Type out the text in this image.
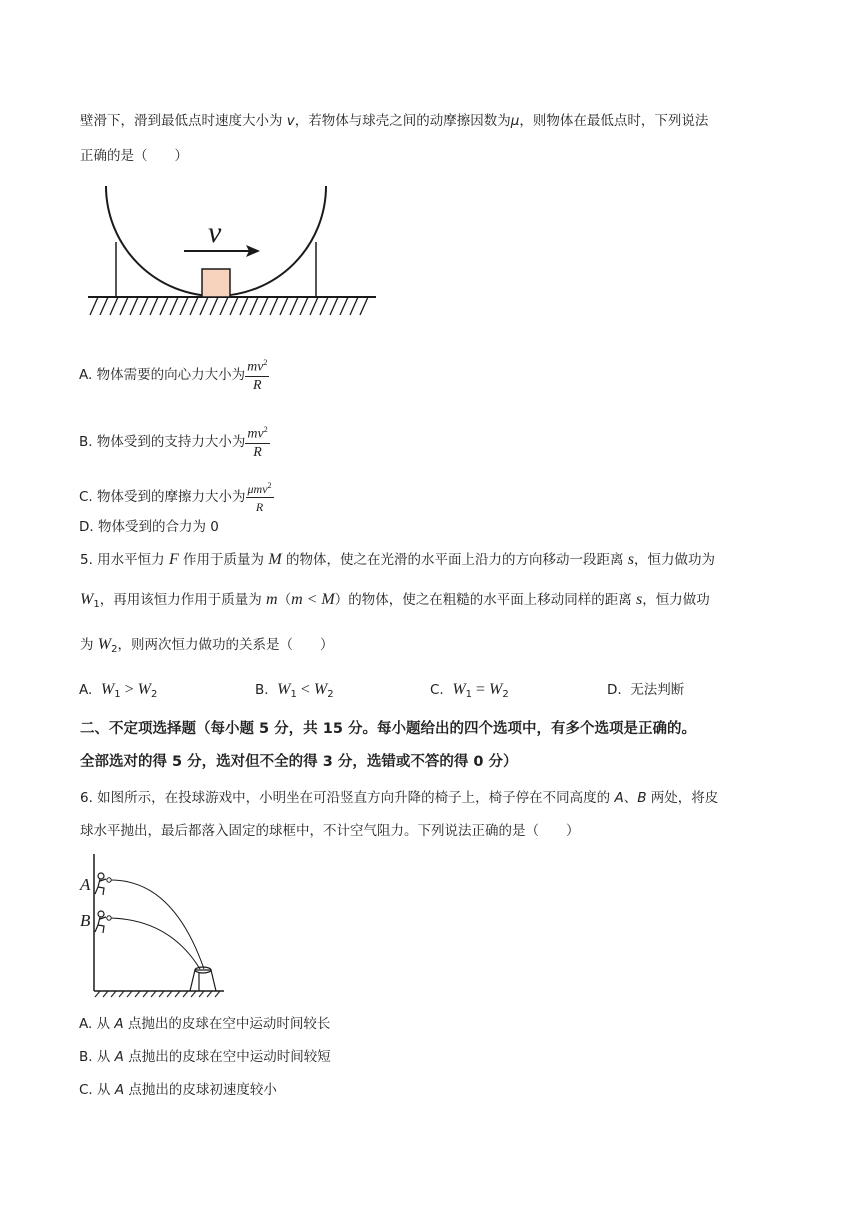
壁滑下，滑到最低点时速度大小为 v，若物体与球壳之间的动摩擦因数为μ，则物体在最低点时，下列说法
正确的是（　　）
v
A. 物体需要的向心力大小为 $\frac{mv^2}{R}$
B. 物体受到的支持力大小为 $\frac{mv^2}{R}$
C. 物体受到的摩擦力大小为 $\frac{\mu mv^2}{R}$
D. 物体受到的合力为 0
5. 用水平恒力 F 作用于质量为 M 的物体，使之在光滑的水平面上沿力的方向移动一段距离 s，恒力做功为
$W_1$，再用该恒力作用于质量为 m（m < M）的物体，使之在粗糙的水平面上移动同样的距离 s，恒力做功
为 $W_2$，则两次恒力做功的关系是（　　）
A. $W_1 > W_2$	B. $W_1 < W_2$	C. $W_1 = W_2$	D. 无法判断
二、不定项选择题（每小题 5 分，共 15 分。每小题给出的四个选项中，有多个选项是正确的。
全部选对的得 5 分，选对但不全的得 3 分，选错或不答的得 0 分）
6. 如图所示，在投球游戏中，小明坐在可沿竖直方向升降的椅子上，椅子停在不同高度的 A、B 两处，将皮
球水平抛出，最后都落入固定的球框中，不计空气阻力。下列说法正确的是（　　）
A
B
A. 从 A 点抛出的皮球在空中运动时间较长
B. 从 A 点抛出的皮球在空中运动时间较短
C. 从 A 点抛出的皮球初速度较小
